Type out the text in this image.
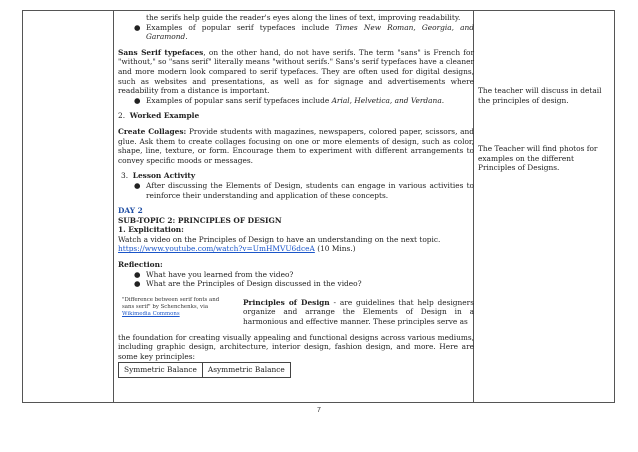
the serifs help guide the reader's eyes along the lines of text, improving readability.

● Examples of popular serif typefaces include Times New Roman, Georgia, and Garamond.

Sans Serif typefaces, on the other hand, do not have serifs. The term "sans" is French for "without," so "sans serif" literally means "without serifs." Sans's serif typefaces have a cleaner and more modern look compared to serif typefaces. They are often used for digital designs, such as websites and presentations, as well as for signage and advertisements where readability from a distance is important.

● Examples of popular sans serif typefaces include Arial, Helvetica, and Verdana.

2. Worked Example

Create Collages: Provide students with magazines, newspapers, colored paper, scissors, and glue. Ask them to create collages focusing on one or more elements of design, such as color, shape, line, texture, or form. Encourage them to experiment with different arrangements to convey specific moods or messages.

3. Lesson Activity

● After discussing the Elements of Design, students can engage in various activities to reinforce their understanding and application of these concepts.

DAY 2

SUB-TOPIC 2: PRINCIPLES OF DESIGN

1. Explicitation:

Watch a video on the Principles of Design to have an understanding on the next topic.

https://www.youtube.com/watch?v=UmHMVU6dceA (10 Mins.)

Reflection:

● What have you learned from the video?

● What are the Principles of Design discussed in the video?

"Difference between serif fonts and sans serif" by Schenchenks, via
Wikimedia Commons

Principles of Design - are guidelines that help designers organize and arrange the Elements of Design in a harmonious and effective manner. These principles serve as

the foundation for creating visually appealing and functional designs across various mediums, including graphic design, architecture, interior design, fashion design, and more. Here are some key principles:

Symmetric Balance	Asymmetric Balance

The teacher will discuss in detail the principles of design.

The Teacher will find photos for examples on the different Principles of Designs.

7
